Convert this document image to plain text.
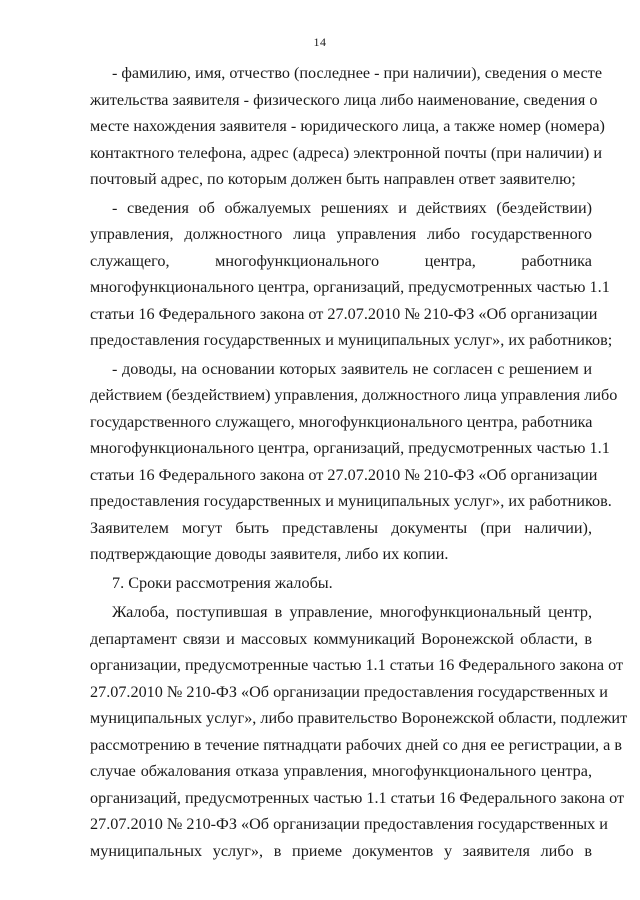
14
- фамилию, имя, отчество (последнее - при наличии), сведения о месте
жительства заявителя - физического лица либо наименование, сведения о
месте нахождения заявителя - юридического лица, а также номер (номера)
контактного телефона, адрес (адреса) электронной почты (при наличии) и
почтовый адрес, по которым должен быть направлен ответ заявителю;
- сведения об обжалуемых решениях и действиях (бездействии)
управления, должностного лица управления либо государственного
служащего, многофункционального центра, работника
многофункционального центра, организаций, предусмотренных частью 1.1
статьи 16 Федерального закона от 27.07.2010 № 210-ФЗ «Об организации
предоставления государственных и муниципальных услуг», их работников;
- доводы, на основании которых заявитель не согласен с решением и
действием (бездействием) управления, должностного лица управления либо
государственного служащего, многофункционального центра, работника
многофункционального центра, организаций, предусмотренных частью 1.1
статьи 16 Федерального закона от 27.07.2010 № 210-ФЗ «Об организации
предоставления государственных и муниципальных услуг», их работников.
Заявителем могут быть представлены документы (при наличии),
подтверждающие доводы заявителя, либо их копии.
7. Сроки рассмотрения жалобы.
Жалоба, поступившая в управление, многофункциональный центр,
департамент связи и массовых коммуникаций Воронежской области, в
организации, предусмотренные частью 1.1 статьи 16 Федерального закона от
27.07.2010 № 210-ФЗ «Об организации предоставления государственных и
муниципальных услуг», либо правительство Воронежской области, подлежит
рассмотрению в течение пятнадцати рабочих дней со дня ее регистрации, а в
случае обжалования отказа управления, многофункционального центра,
организаций, предусмотренных частью 1.1 статьи 16 Федерального закона от
27.07.2010 № 210-ФЗ «Об организации предоставления государственных и
муниципальных услуг», в приеме документов у заявителя либо в
